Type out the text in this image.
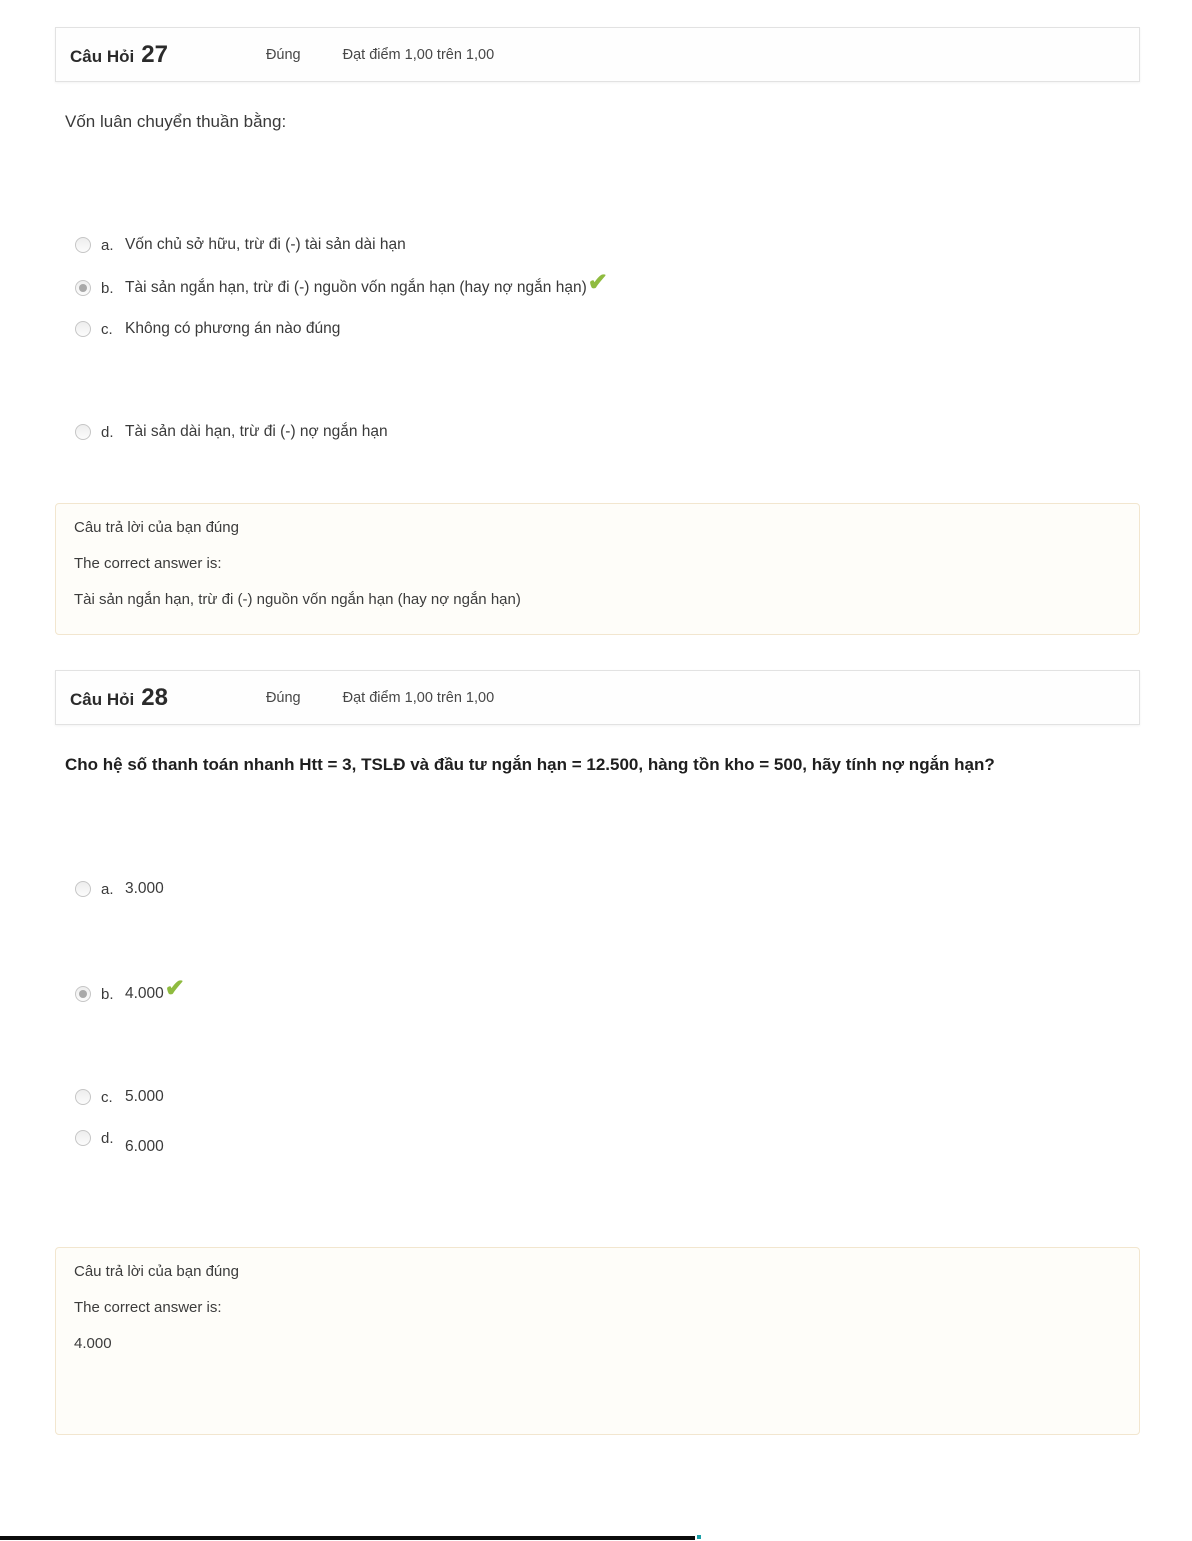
Câu Hỏi 27	Đúng	Đạt điểm 1,00 trên 1,00
Vốn luân chuyển thuần bằng:
a. Vốn chủ sở hữu, trừ đi (-) tài sản dài hạn
b. Tài sản ngắn hạn, trừ đi (-) nguồn vốn ngắn hạn (hay nợ ngắn hạn) ✔
c. Không có phương án nào đúng
d. Tài sản dài hạn, trừ đi (-) nợ ngắn hạn

Câu trả lời của bạn đúng

The correct answer is:

Tài sản ngắn hạn, trừ đi (-) nguồn vốn ngắn hạn (hay nợ ngắn hạn)

Câu Hỏi 28	Đúng	Đạt điểm 1,00 trên 1,00
Cho hệ số thanh toán nhanh Htt = 3, TSLĐ và đầu tư ngắn hạn = 12.500, hàng tồn kho = 500, hãy tính nợ ngắn hạn?
a. 3.000
b. 4.000 ✔
c. 5.000
d. 6.000

Câu trả lời của bạn đúng

The correct answer is:

4.000
